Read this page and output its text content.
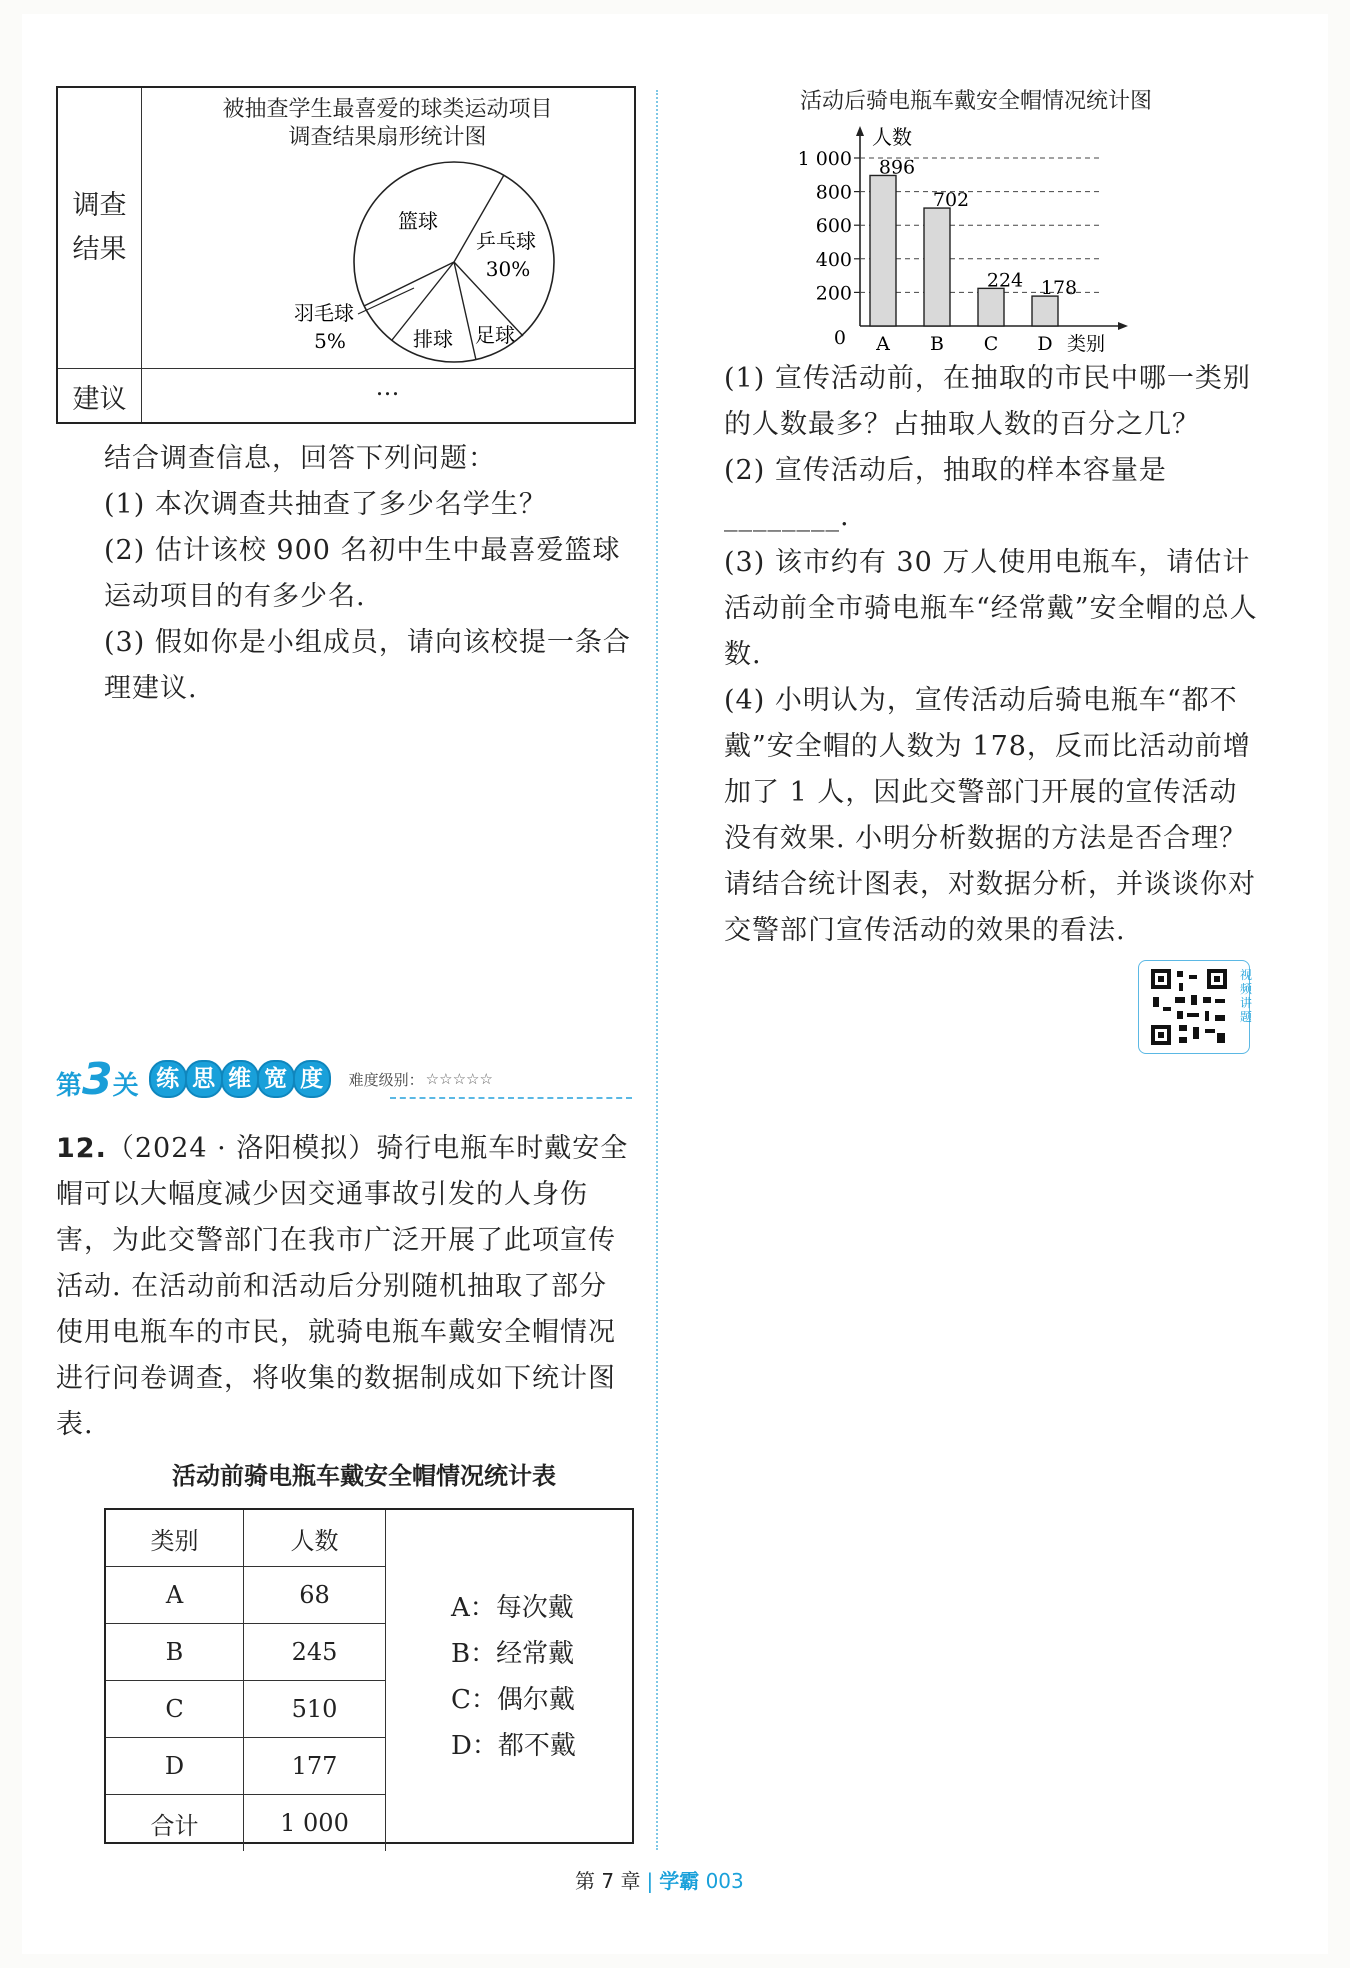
调查
结果
建议	…
被抽查学生最喜爱的球类运动项目
调查结果扇形统计图
篮球
乒乓球
30%
排球 足球
羽毛球
5%
结合调查信息，回答下列问题：
(1) 本次调查共抽查了多少名学生？
(2) 估计该校 900 名初中生中最喜爱篮球运动项目的有多少名.
(3) 假如你是小组成员，请向该校提一条合理建议.
第3关 练 思 维 宽 度	难度级别： ☆☆☆☆☆
12.（2024 · 洛阳模拟）骑行电瓶车时戴安全帽可以大幅度减少因交通事故引发的人身伤害，为此交警部门在我市广泛开展了此项宣传活动. 在活动前和活动后分别随机抽取了部分使用电瓶车的市民，就骑电瓶车戴安全帽情况进行问卷调查，将收集的数据制成如下统计图表.
活动前骑电瓶车戴安全帽情况统计表
类别	人数
A	68
B	245
C	510
D	177
合计	1 000
A：每次戴
B：经常戴
C：偶尔戴
D：都不戴
活动后骑电瓶车戴安全帽情况统计图
人数
0
200
400
600
800
1 000 896
A
702
B
224
C
178
D 类别
(1) 宣传活动前，在抽取的市民中哪一类别的人数最多？占抽取人数的百分之几？
(2) 宣传活动后，抽取的样本容量是 ________.
(3) 该市约有 30 万人使用电瓶车，请估计活动前全市骑电瓶车“经常戴”安全帽的总人数.
(4) 小明认为，宣传活动后骑电瓶车“都不戴”安全帽的人数为 178，反而比活动前增加了 1 人，因此交警部门开展的宣传活动没有效果. 小明分析数据的方法是否合理？请结合统计图表，对数据分析，并谈谈你对交警部门宣传活动的效果的看法.
视频讲题
第 7 章 | 学霸 003
